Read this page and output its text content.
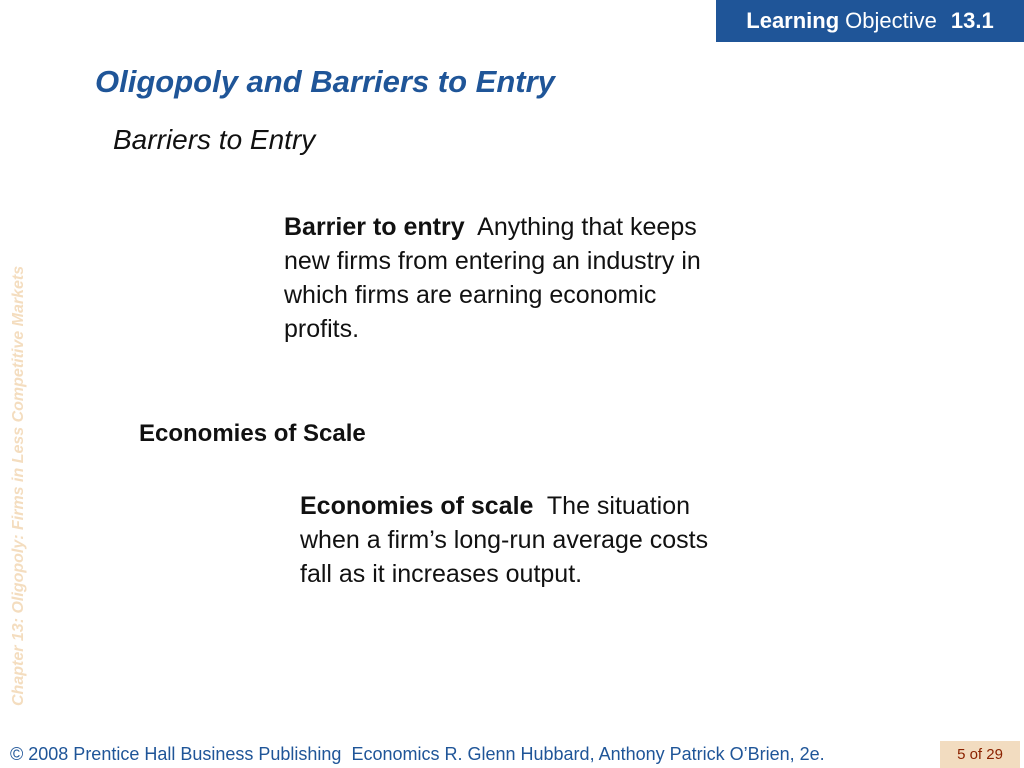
Learning Objective 13.1
Oligopoly and Barriers to Entry
Barriers to Entry
Chapter 13: Oligopoly: Firms in Less Competitive Markets
Barrier to entry Anything that keeps new firms from entering an industry in which firms are earning economic profits.
Economies of Scale
Economies of scale The situation when a firm’s long-run average costs fall as it increases output.
© 2008 Prentice Hall Business Publishing Economics R. Glenn Hubbard, Anthony Patrick O’Brien, 2e.	5 of 29
